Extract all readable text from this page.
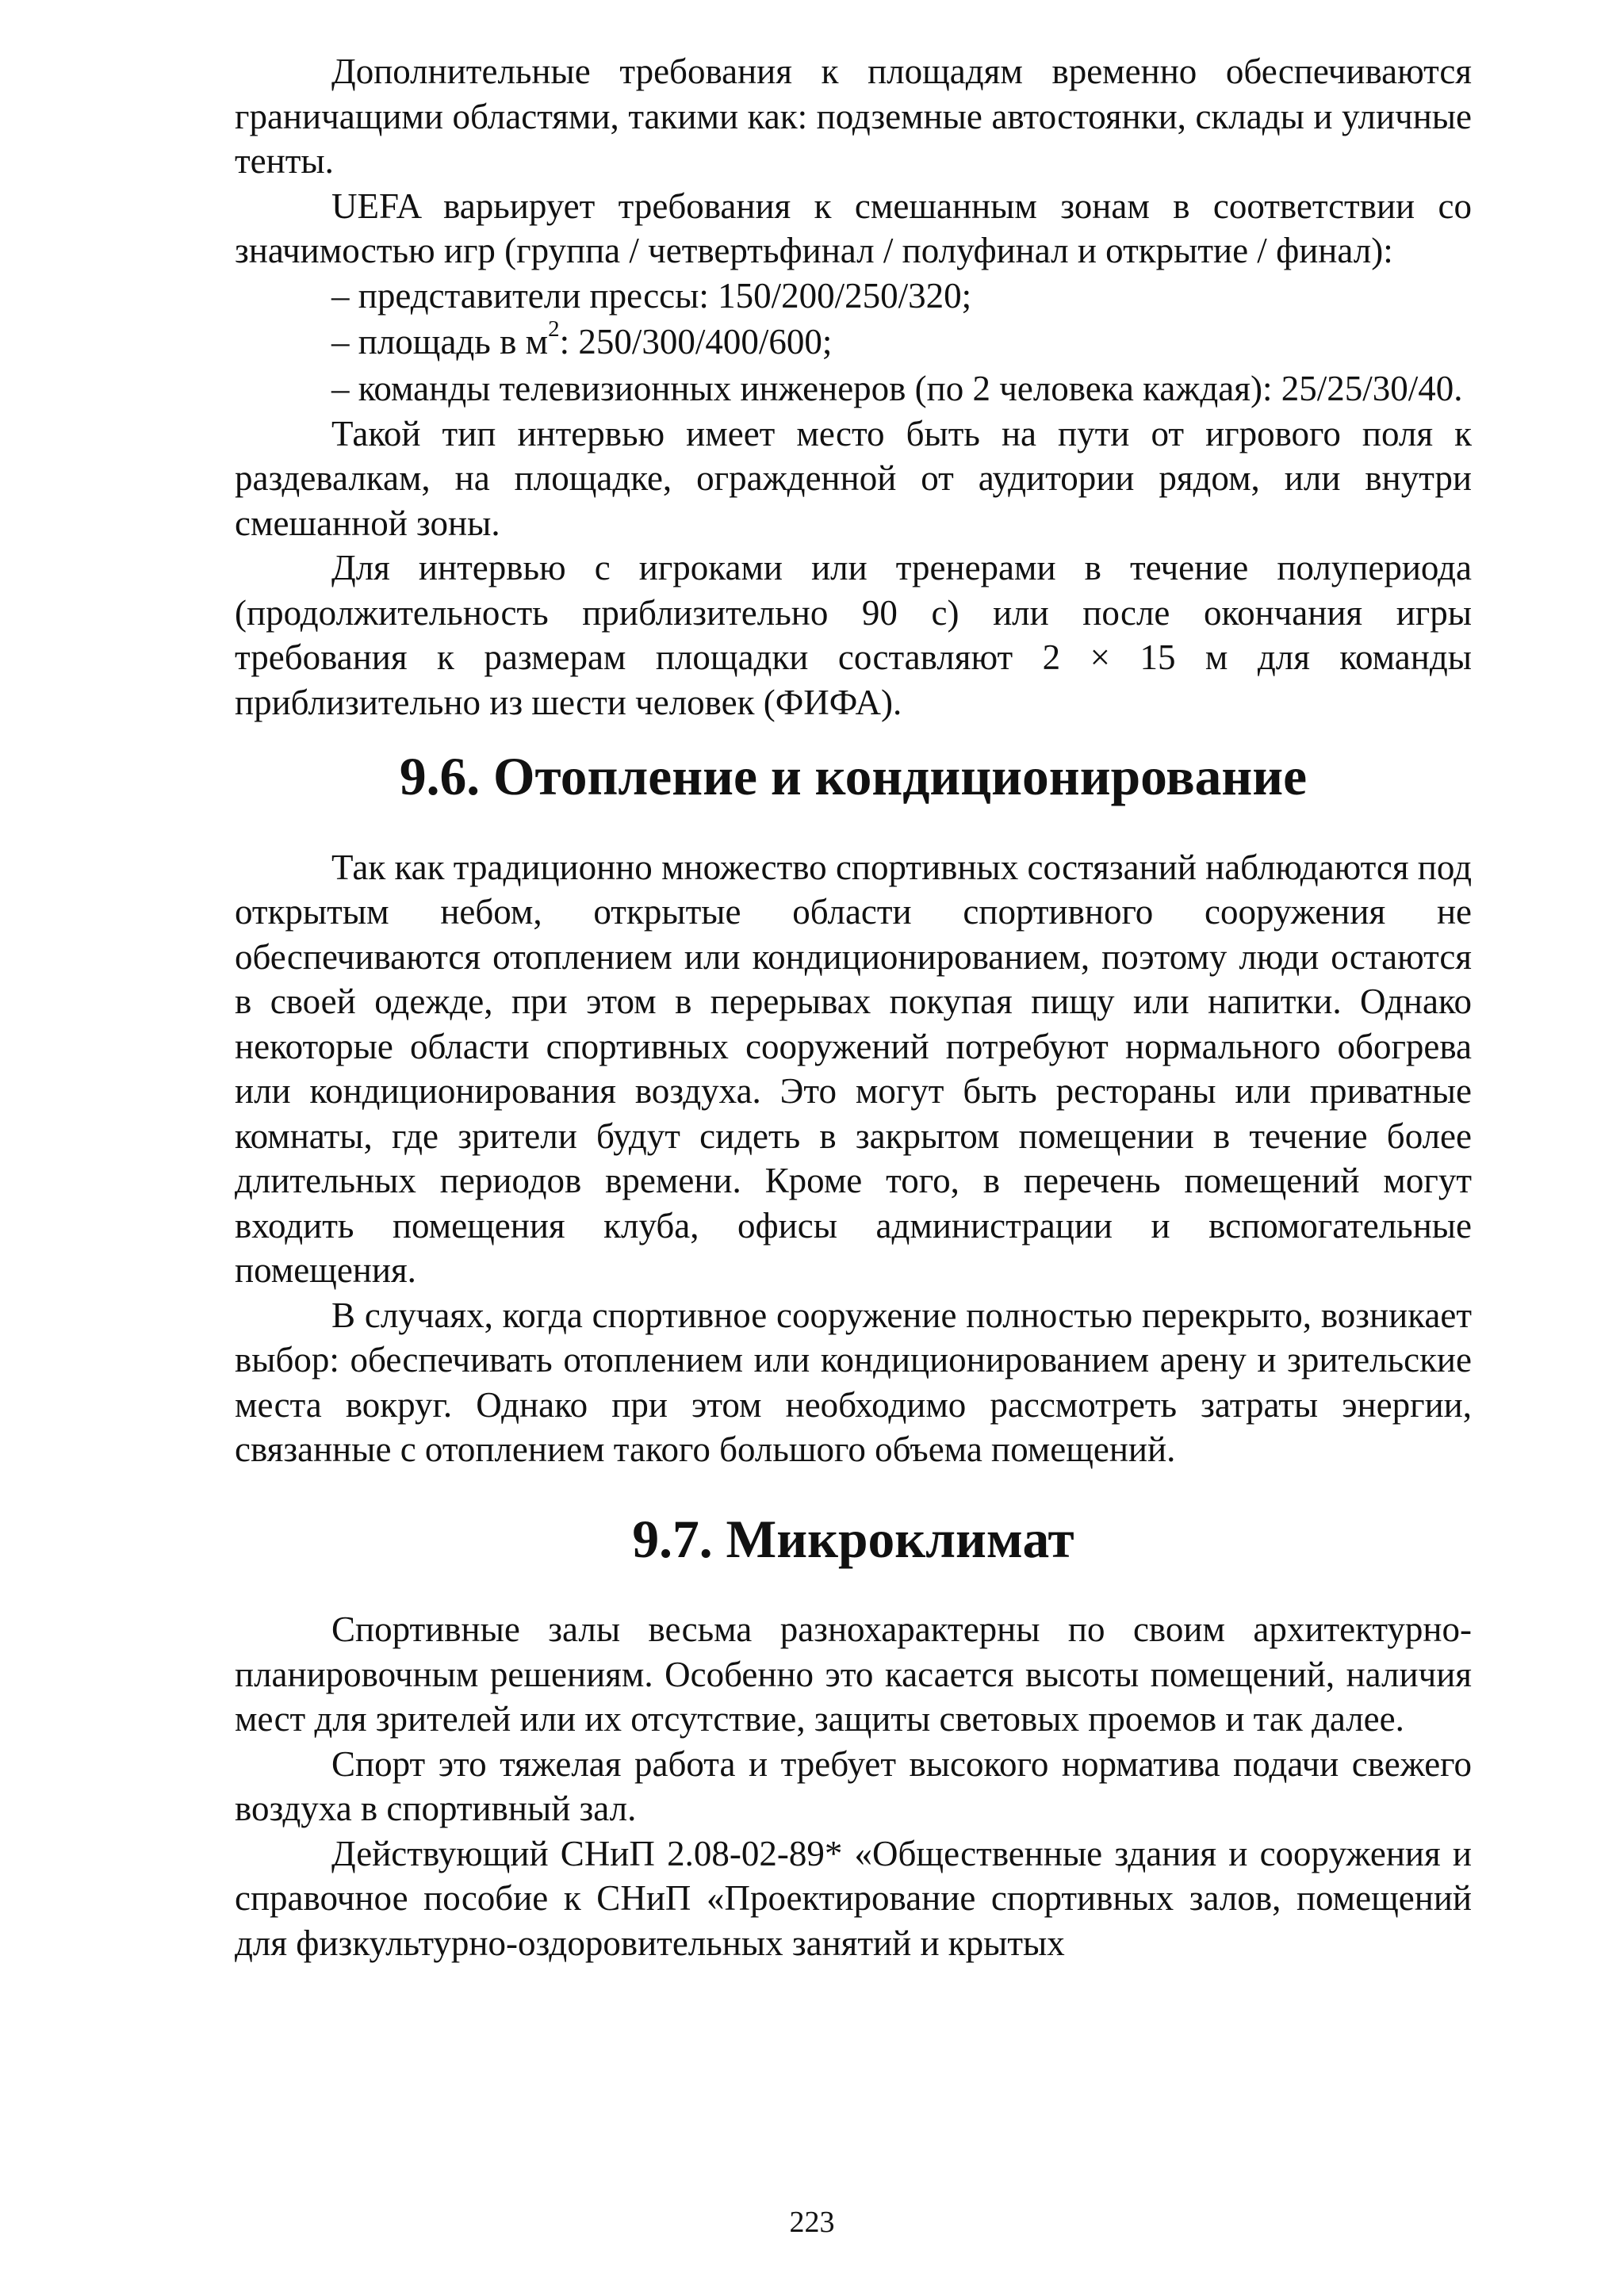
Дополнительные требования к площадям временно обеспечиваются граничащими областями, такими как: подземные автостоянки, склады и уличные тенты.

UEFA варьирует требования к смешанным зонам в соответствии со значимостью игр (группа / четвертьфинал / полуфинал и открытие / финал):

– представители прессы: 150/200/250/320;

– площадь в $м^2$: 250/300/400/600;

– команды телевизионных инженеров (по 2 человека каждая): 25/25/30/40.

Такой тип интервью имеет место быть на пути от игрового поля к раздевалкам, на площадке, огражденной от аудитории рядом, или внутри смешанной зоны.

Для интервью с игроками или тренерами в течение полупериода (продолжительность приблизительно 90 с) или после окончания игры требования к размерам площадки составляют 2 × 15 м для команды приблизительно из шести человек (ФИФА).

9.6. Отопление и кондиционирование

Так как традиционно множество спортивных состязаний наблюдаются под открытым небом, открытые области спортивного сооружения не обеспечиваются отоплением или кондиционированием, поэтому люди остаются в своей одежде, при этом в перерывах покупая пищу или напитки. Однако некоторые области спортивных сооружений потребуют нормального обогрева или кондиционирования воздуха. Это могут быть рестораны или приватные комнаты, где зрители будут сидеть в закрытом помещении в течение более длительных периодов времени. Кроме того, в перечень помещений могут входить помещения клуба, офисы администрации и вспомогательные помещения.

В случаях, когда спортивное сооружение полностью перекрыто, возникает выбор: обеспечивать отоплением или кондиционированием арену и зрительские места вокруг. Однако при этом необходимо рассмотреть затраты энергии, связанные с отоплением такого большого объема помещений.

9.7. Микроклимат

Спортивные залы весьма разнохарактерны по своим архитектурно-планировочным решениям. Особенно это касается высоты помещений, наличия мест для зрителей или их отсутствие, защиты световых проемов и так далее.

Спорт это тяжелая работа и требует высокого норматива подачи свежего воздуха в спортивный зал.

Действующий СНиП 2.08-02-89* «Общественные здания и сооружения и справочное пособие к СНиП «Проектирование спортивных залов, помещений для физкультурно-оздоровительных занятий и крытых

223
